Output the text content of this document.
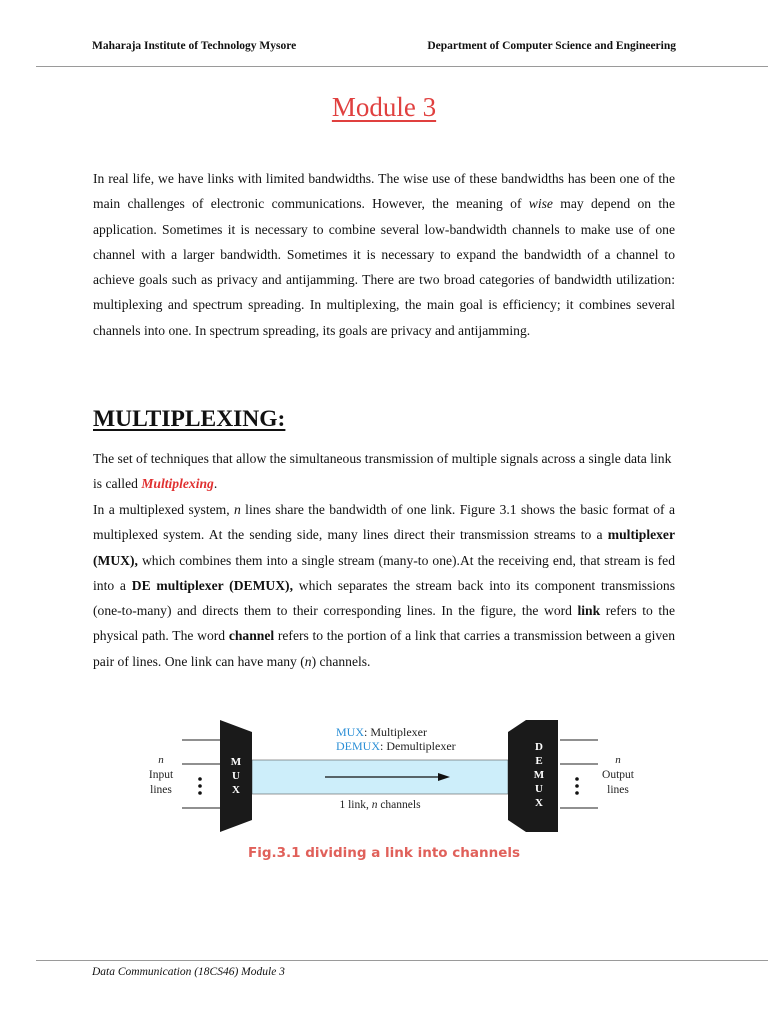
Maharaja Institute of Technology Mysore	Department of Computer Science and Engineering
Module 3

In real life, we have links with limited bandwidths. The wise use of these bandwidths has been one of the main challenges of electronic communications. However, the meaning of wise may depend on the application. Sometimes it is necessary to combine several low-bandwidth channels to make use of one channel with a larger bandwidth. Sometimes it is necessary to expand the bandwidth of a channel to achieve goals such as privacy and antijamming. There are two broad categories of bandwidth utilization: multiplexing and spectrum spreading. In multiplexing, the main goal is efficiency; it combines several channels into one. In spectrum spreading, its goals are privacy and antijamming.

MULTIPLEXING:

The set of techniques that allow the simultaneous transmission of multiple signals across a single data link is called Multiplexing.

In a multiplexed system, n lines share the bandwidth of one link. Figure 3.1 shows the basic format of a multiplexed system. At the sending side, many lines direct their transmission streams to a multiplexer (MUX), which combines them into a single stream (many-to one).At the receiving end, that stream is fed into a DE multiplexer (DEMUX), which separates the stream back into its component transmissions (one-to-many) and directs them to their corresponding lines. In the figure, the word link refers to the physical path. The word channel refers to the portion of a link that carries a transmission between a given pair of lines. One link can have many (n) channels.

MUX: Multiplexer
DEMUX: Demultiplexer
M
U
X
D
E
M
U
X
n
Input
lines
n
Output
lines
1 link, n channels
Fig.3.1 dividing a link into channels
Data Communication (18CS46) Module 3
